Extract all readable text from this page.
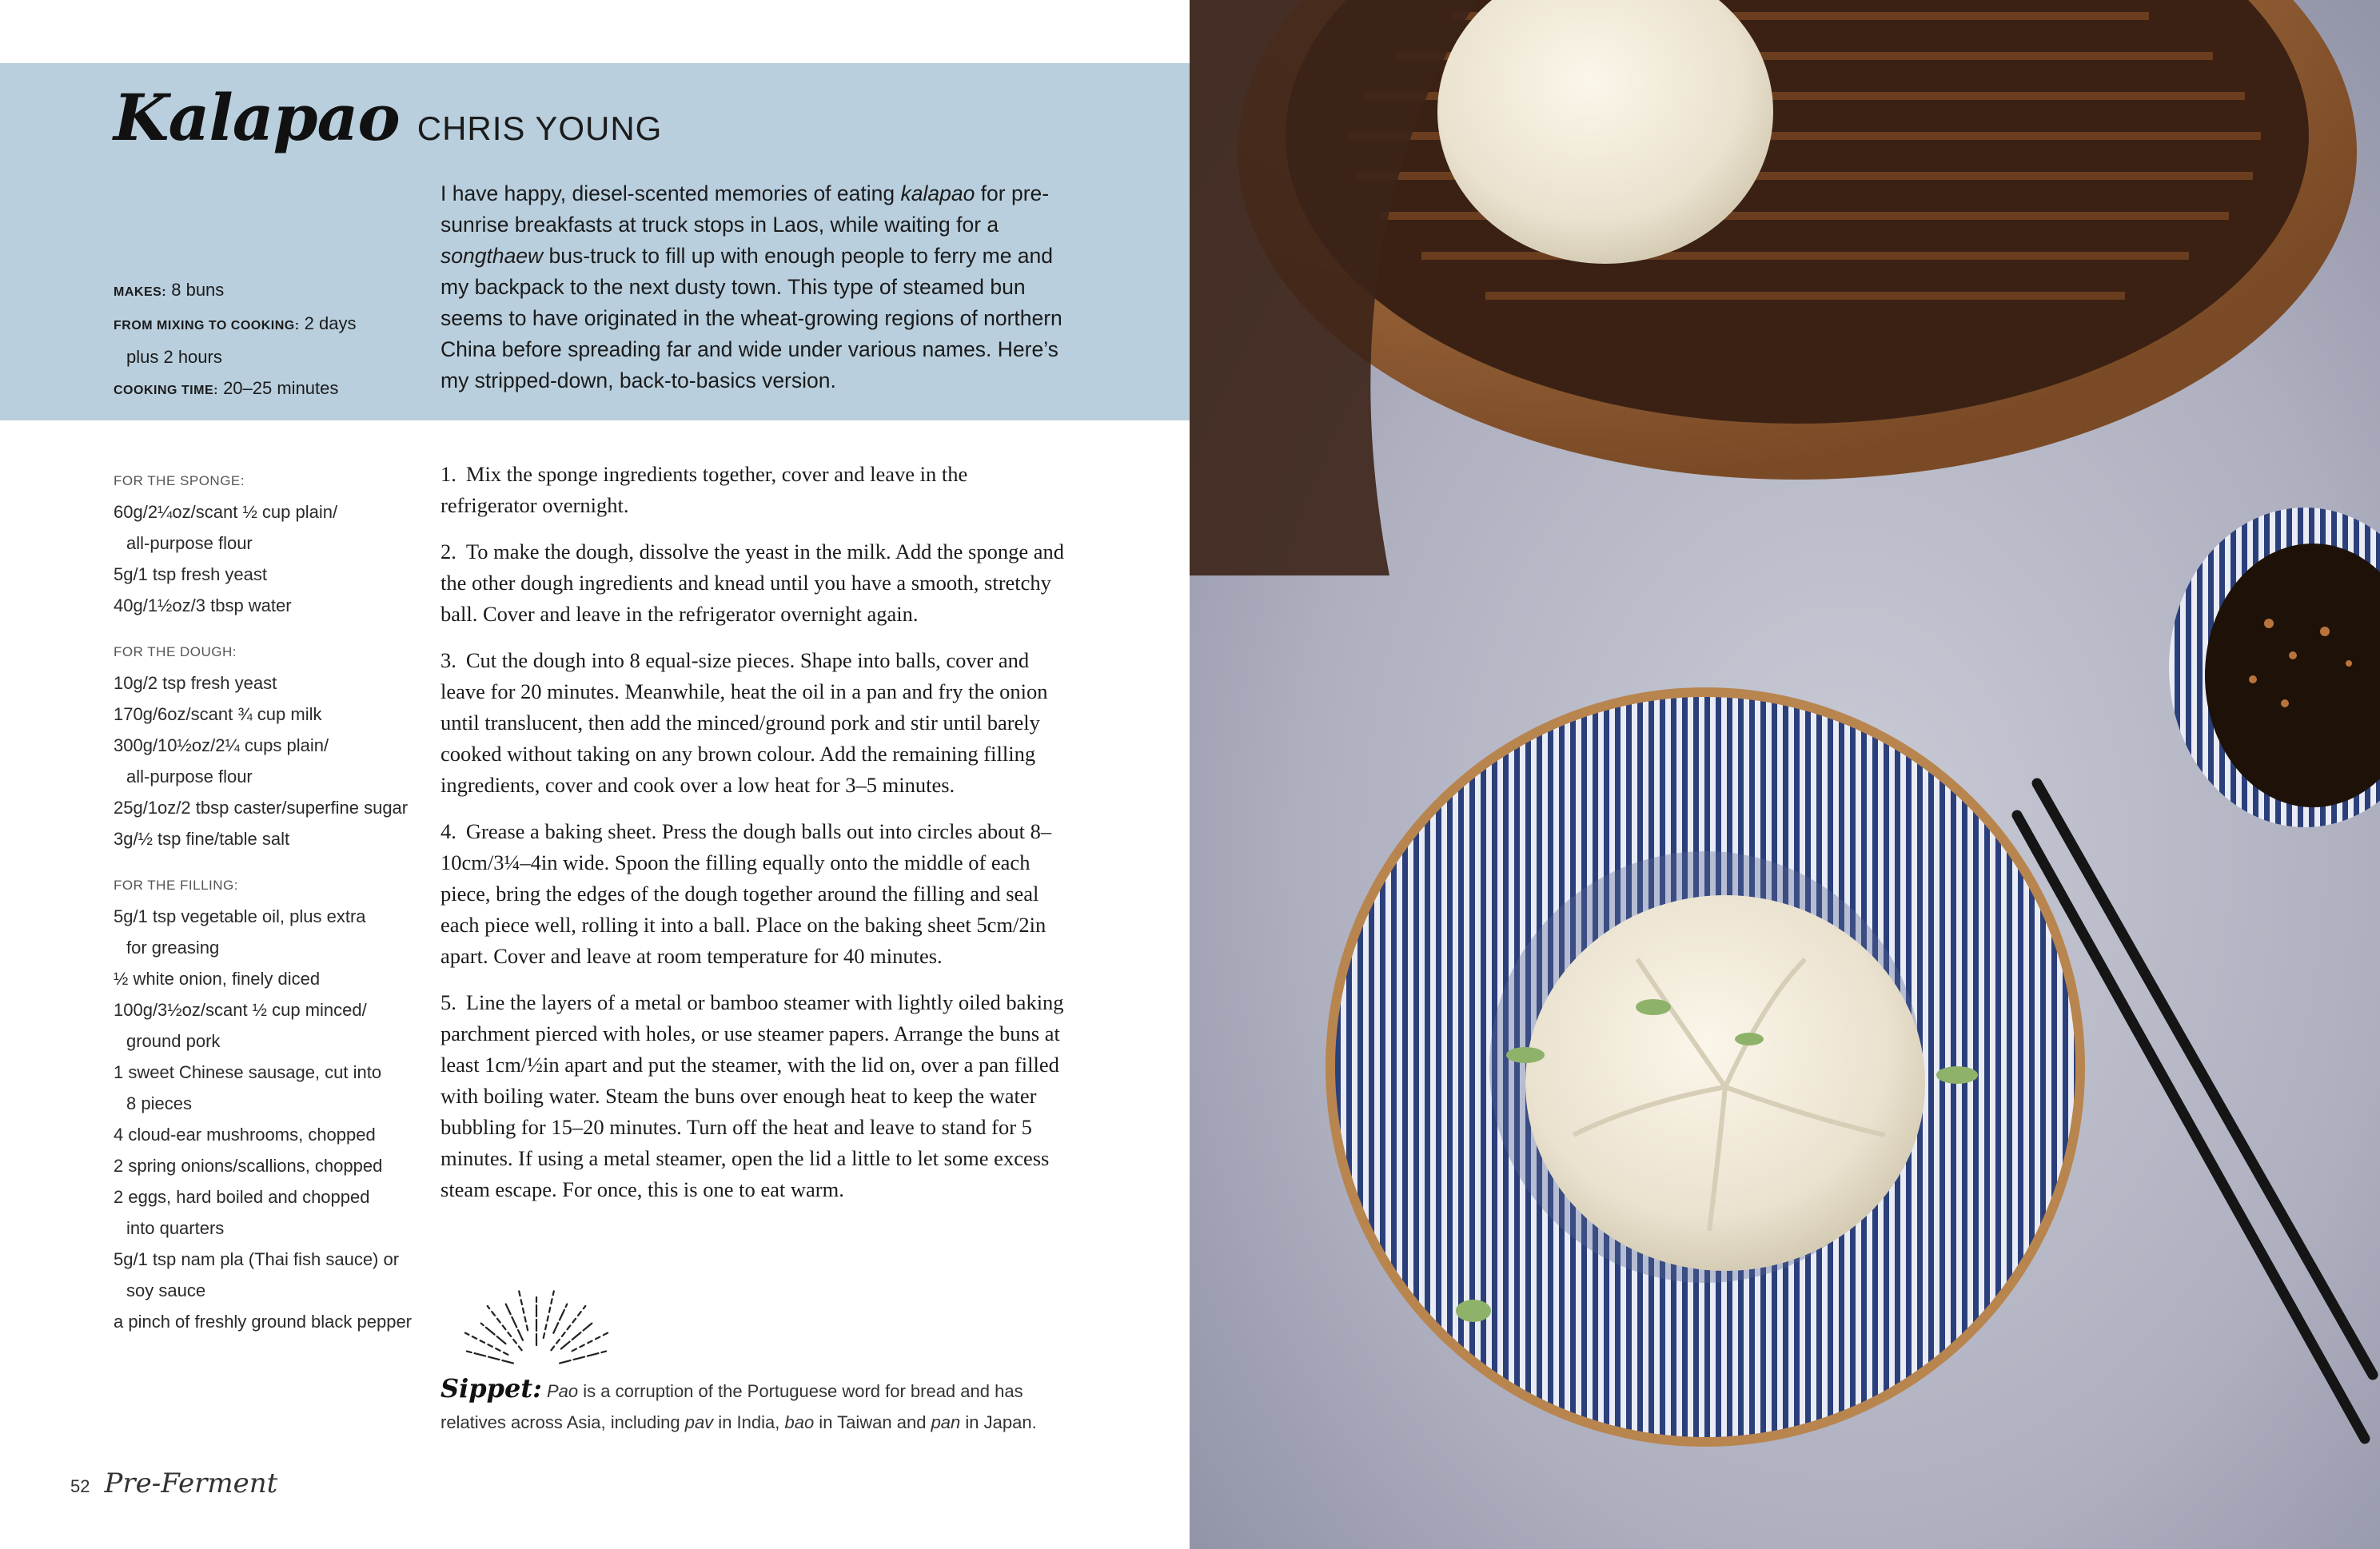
Kalapao CHRIS YOUNG
MAKES: 8 buns
FROM MIXING TO COOKING: 2 days
plus 2 hours
COOKING TIME: 20–25 minutes
I have happy, diesel-scented memories of eating kalapao for pre-sunrise breakfasts at truck stops in Laos, while waiting for a songthaew bus-truck to fill up with enough people to ferry me and my backpack to the next dusty town. This type of steamed bun seems to have originated in the wheat-growing regions of northern China before spreading far and wide under various names. Here’s my stripped-down, back-to-basics version.
FOR THE SPONGE:
60g/2¼oz/scant ½ cup plain/
all-purpose flour
5g/1 tsp fresh yeast
40g/1½oz/3 tbsp water
FOR THE DOUGH:
10g/2 tsp fresh yeast
170g/6oz/scant ¾ cup milk
300g/10½oz/2¼ cups plain/
all-purpose flour
25g/1oz/2 tbsp caster/superfine sugar
3g/½ tsp fine/table salt
FOR THE FILLING:
5g/1 tsp vegetable oil, plus extra
for greasing
½ white onion, finely diced
100g/3½oz/scant ½ cup minced/
ground pork
1 sweet Chinese sausage, cut into
8 pieces
4 cloud-ear mushrooms, chopped
2 spring onions/scallions, chopped
2 eggs, hard boiled and chopped
into quarters
5g/1 tsp nam pla (Thai fish sauce) or
soy sauce
a pinch of freshly ground black pepper

1. Mix the sponge ingredients together, cover and leave in the refrigerator overnight.

2. To make the dough, dissolve the yeast in the milk. Add the sponge and the other dough ingredients and knead until you have a smooth, stretchy ball. Cover and leave in the refrigerator overnight again.

3. Cut the dough into 8 equal-size pieces. Shape into balls, cover and leave for 20 minutes. Meanwhile, heat the oil in a pan and fry the onion until translucent, then add the minced/ground pork and stir until barely cooked without taking on any brown colour. Add the remaining filling ingredients, cover and cook over a low heat for 3–5 minutes.

4. Grease a baking sheet. Press the dough balls out into circles about 8–10cm/3¼–4in wide. Spoon the filling equally onto the middle of each piece, bring the edges of the dough together around the filling and seal each piece well, rolling it into a ball. Place on the baking sheet 5cm/2in apart. Cover and leave at room temperature for 40 minutes.

5. Line the layers of a metal or bamboo steamer with lightly oiled baking parchment pierced with holes, or use steamer papers. Arrange the buns at least 1cm/½in apart and put the steamer, with the lid on, over a pan filled with boiling water. Steam the buns over enough heat to keep the water bubbling for 15–20 minutes. Turn off the heat and leave to stand for 5 minutes. If using a metal steamer, open the lid a little to let some excess steam escape. For once, this is one to eat warm.

Sippet: Pao is a corruption of the Portuguese word for bread and has relatives across Asia, including pav in India, bao in Taiwan and pan in Japan.
52 Pre-Ferment
